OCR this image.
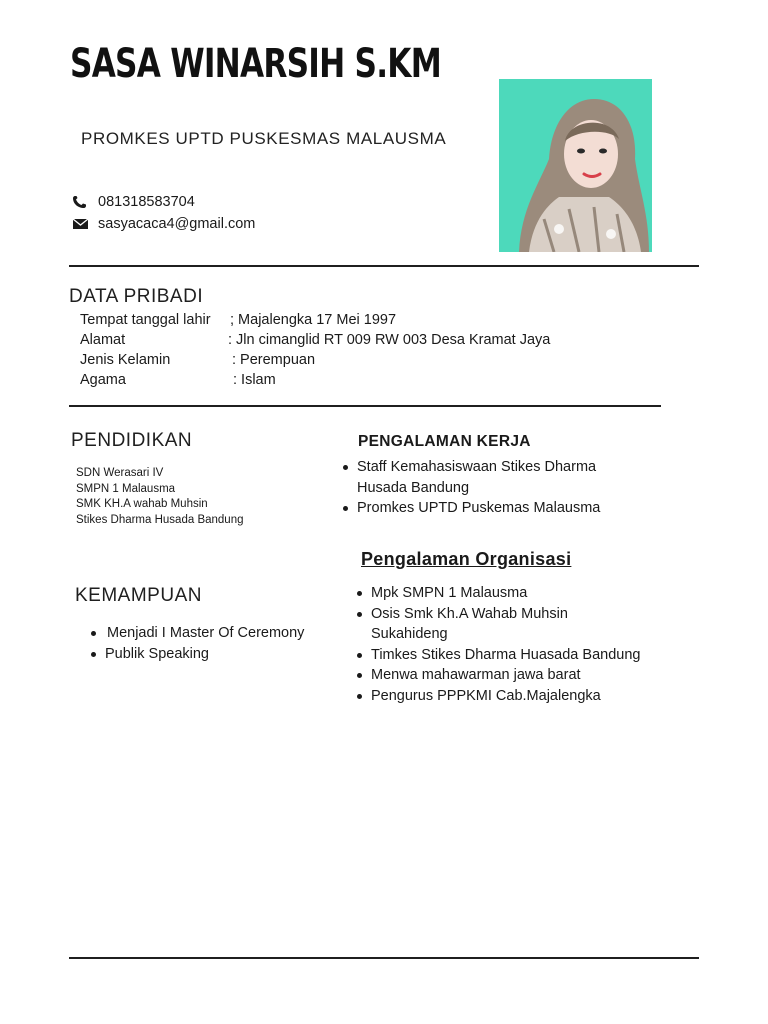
SASA WINARSIH S.KM
PROMKES UPTD PUSKESMAS MALAUSMA
081318583704
sasyacaca4@gmail.com
DATA PRIBADI
Tempat tanggal lahir ; Majalengka 17 Mei 1997
Alamat	: Jln cimanglid RT 009 RW 003 Desa Kramat Jaya
Jenis Kelamin	: Perempuan
Agama	: Islam
PENDIDIKAN
SDN Werasari IV
SMPN 1 Malausma
SMK KH.A wahab Muhsin
Stikes Dharma Husada Bandung
PENGALAMAN KERJA
Staff Kemahasiswaan Stikes Dharma
Husada Bandung
Promkes UPTD Puskemas Malausma
Pengalaman Organisasi
Mpk SMPN 1 Malausma
Osis Smk Kh.A Wahab Muhsin
Sukahideng
Timkes Stikes Dharma Huasada Bandung
Menwa mahawarman jawa barat
Pengurus PPPKMI Cab.Majalengka
KEMAMPUAN
Menjadi I Master Of Ceremony
Publik Speaking
